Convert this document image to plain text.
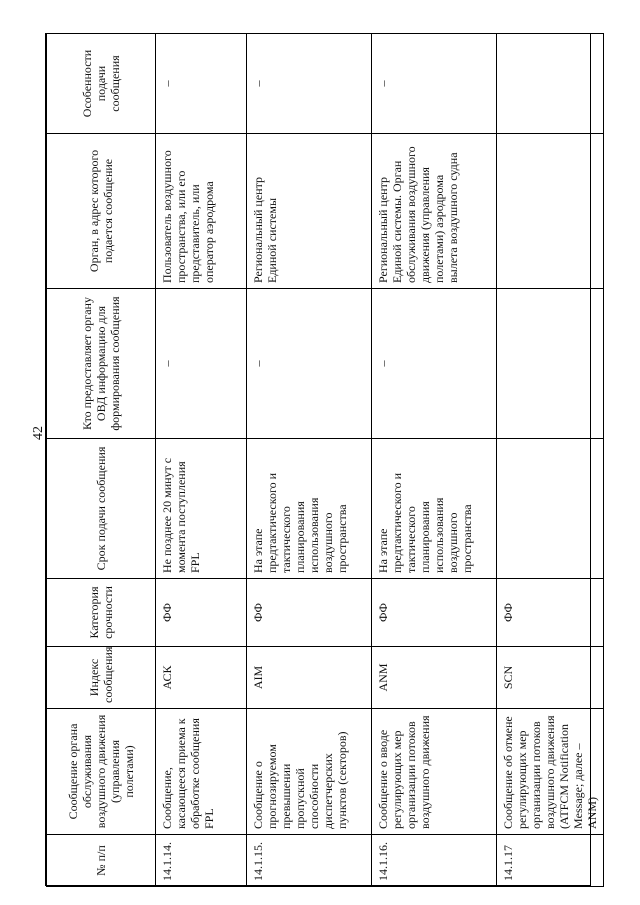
42
№ п/п	Сообщение органа обслуживания воздушного движения (управления полетами)	Индекс сообщения	Категория срочности	Срок подачи сообщения	Кто предоставляет органу ОВД информацию для формирования сообщения	Орган, в адрес которого подается сообщение	Особенности подачи сообщения
14.1.14.	Сообщение, касающееся приема к обработке сообщения FPL	АСК	ФФ	Не позднее 20 минут с момента поступления FPL	–	Пользователь воздушного пространства, или его представитель, или оператор аэродрома	–
14.1.15.	Сообщение о прогнозируемом превышении пропускной способности диспетчерских пунктов (секторов)	AIM	ФФ	На этапе предтактического и тактического планирования использования воздушного пространства	–	Региональный центр Единой системы	–
14.1.16.	Сообщение о вводе регулирующих мер организации потоков воздушного движения	ANM	ФФ	На этапе предтактического и тактического планирования использования воздушного пространства	–	Региональный центр Единой системы. Орган обслуживания воздушного движения (управления полетами) аэродрома вылета воздушного судна	–
14.1.17	Сообщение об отмене регулирующих мер организации потоков воздушного движения (ATFCM Notification Message; далее – ANM)	SCN	ФФ				
